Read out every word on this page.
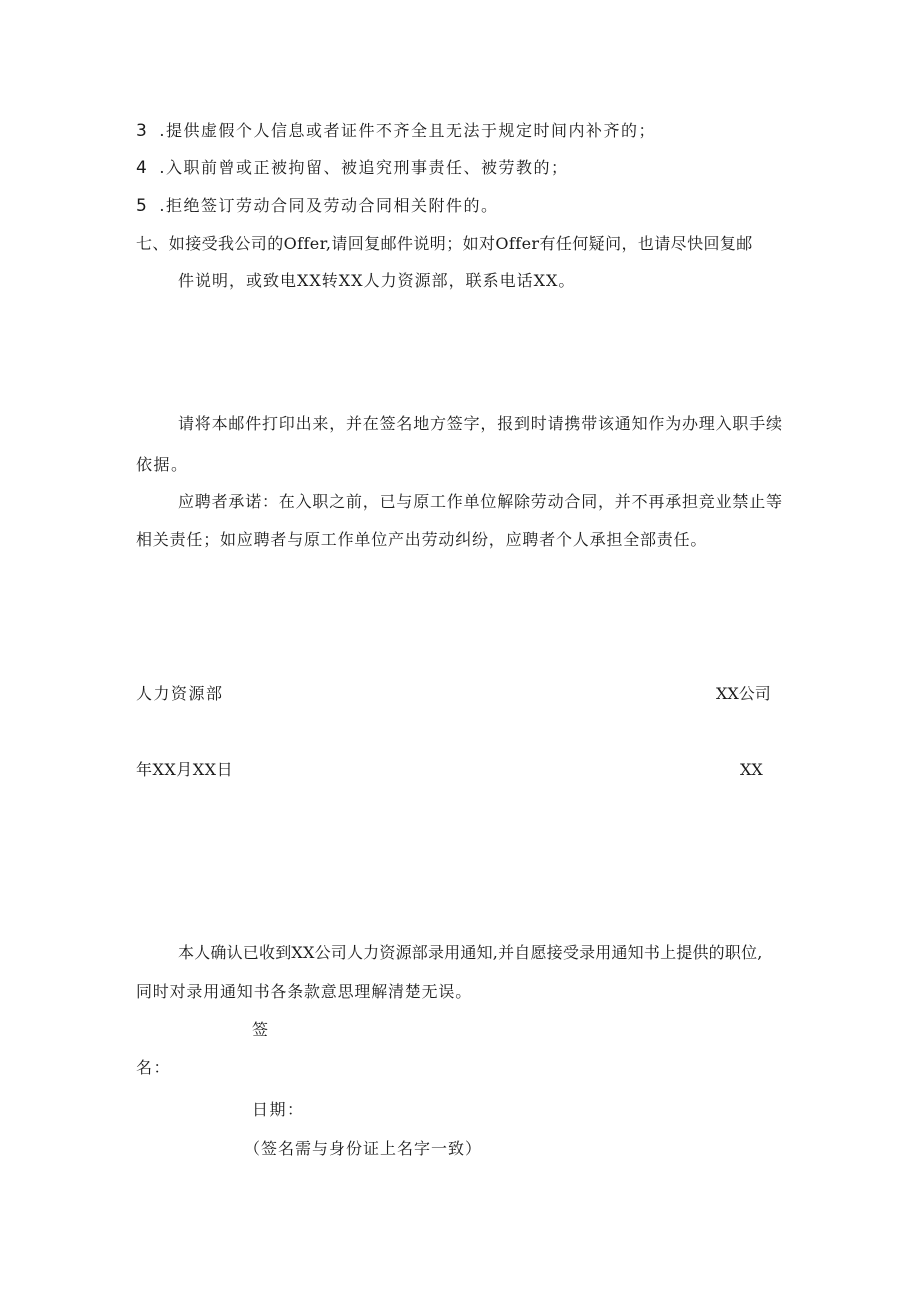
3 .提供虚假个人信息或者证件不齐全且无法于规定时间内补齐的；
4 .入职前曾或正被拘留、被追究刑事责任、被劳教的；
5 .拒绝签订劳动合同及劳动合同相关附件的。
七、如接受我公司的Offer,请回复邮件说明；如对Offer有任何疑问，也请尽快回复邮
件说明，或致电XX转XX人力资源部，联系电话XX。
请将本邮件打印出来，并在签名地方签字，报到时请携带该通知作为办理入职手续
依据。
应聘者承诺：在入职之前，已与原工作单位解除劳动合同，并不再承担竞业禁止等
相关责任；如应聘者与原工作单位产出劳动纠纷，应聘者个人承担全部责任。
人力资源部	XX公司
年XX月XX日	XX
本人确认已收到XX公司人力资源部录用通知,并自愿接受录用通知书上提供的职位,
同时对录用通知书各条款意思理解清楚无误。
签
名：
日期：
（签名需与身份证上名字一致）
